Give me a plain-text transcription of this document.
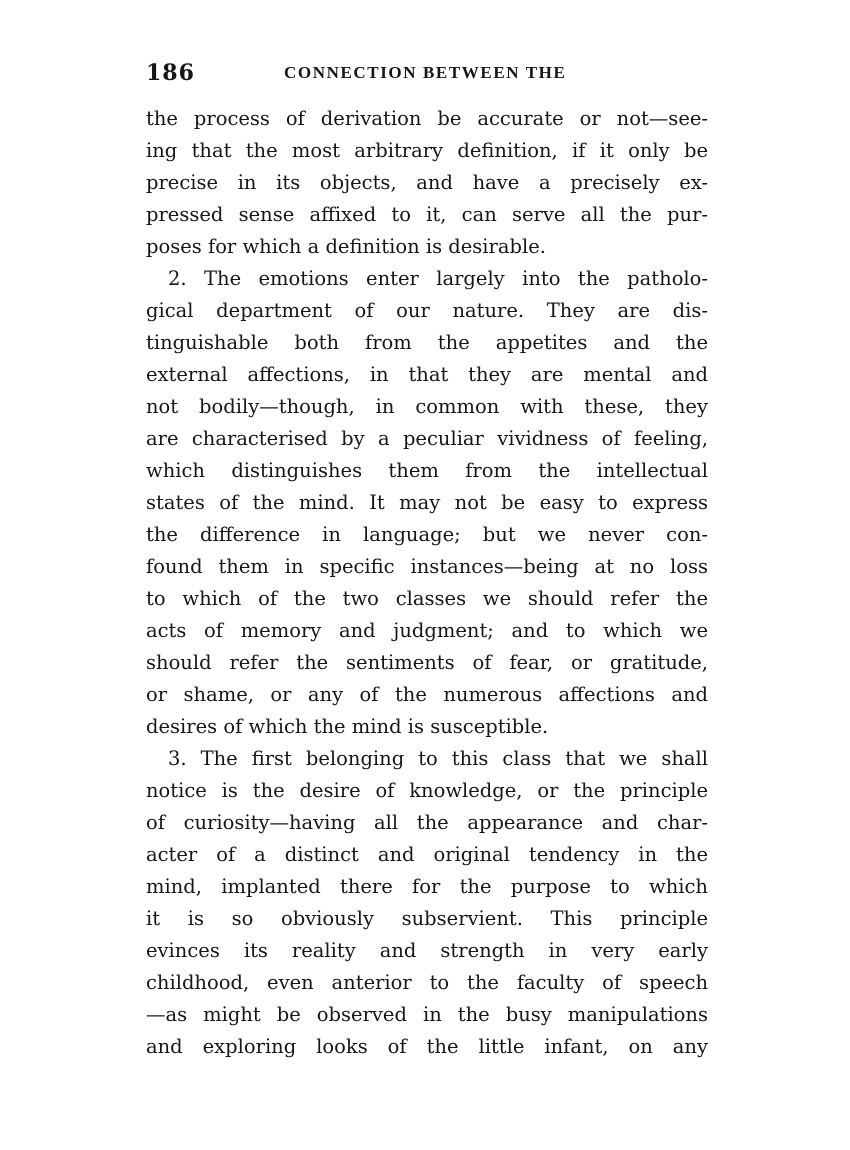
186	CONNECTION BETWEEN THE
the process of derivation be accurate or not—see-
ing that the most arbitrary definition, if it only be
precise in its objects, and have a precisely ex-
pressed sense affixed to it, can serve all the pur-
poses for which a definition is desirable.
2. The emotions enter largely into the patholo-
gical department of our nature. They are dis-
tinguishable both from the appetites and the
external affections, in that they are mental and
not bodily—though, in common with these, they
are characterised by a peculiar vividness of feeling,
which distinguishes them from the intellectual
states of the mind. It may not be easy to express
the difference in language; but we never con-
found them in specific instances—being at no loss
to which of the two classes we should refer the
acts of memory and judgment; and to which we
should refer the sentiments of fear, or gratitude,
or shame, or any of the numerous affections and
desires of which the mind is susceptible.
3. The first belonging to this class that we shall
notice is the desire of knowledge, or the principle
of curiosity—having all the appearance and char-
acter of a distinct and original tendency in the
mind, implanted there for the purpose to which
it is so obviously subservient. This principle
evinces its reality and strength in very early
childhood, even anterior to the faculty of speech
—as might be observed in the busy manipulations
and exploring looks of the little infant, on any
